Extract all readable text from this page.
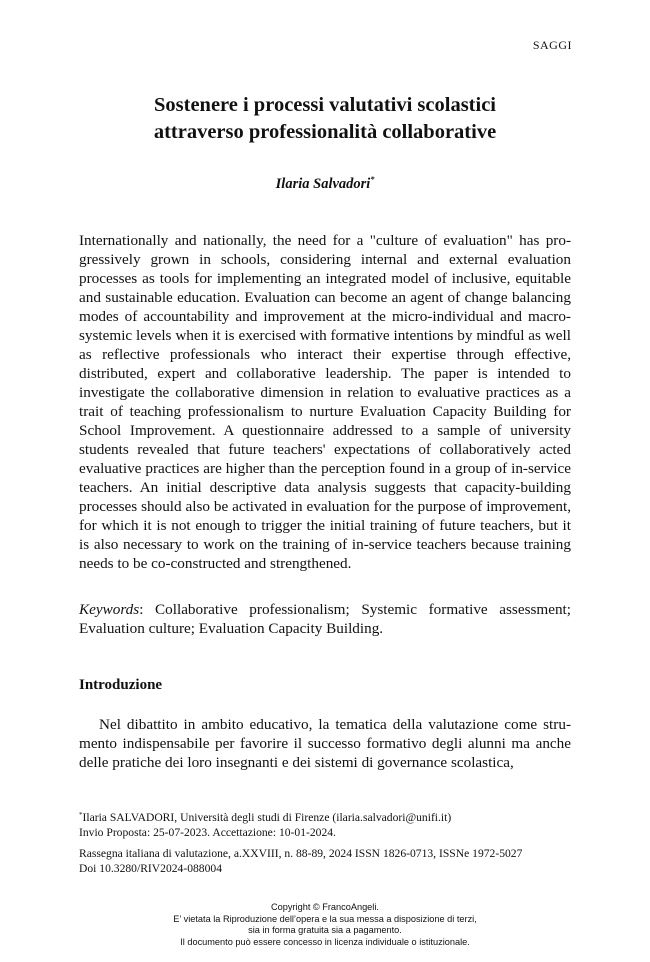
SAGGI
Sostenere i processi valutativi scolastici
attraverso professionalità collaborative
Ilaria Salvadori*

Internationally and nationally, the need for a "culture of evaluation" has progressively grown in schools, considering internal and external evaluation processes as tools for implementing an integrated model of inclusive, equitable and sustainable education. Evaluation can become an agent of change balancing modes of accountability and improvement at the micro-individual and macro-systemic levels when it is exercised with formative intentions by mindful as well as reflective professionals who interact their expertise through effective, distributed, expert and collaborative leadership. The paper is intended to investigate the collaborative dimension in relation to evaluative practices as a trait of teaching professionalism to nurture Evaluation Capacity Building for School Improvement. A questionnaire addressed to a sample of university students revealed that future teachers' expectations of collaboratively acted evaluative practices are higher than the perception found in a group of in-service teachers. An initial descriptive data analysis suggests that capacity-building processes should also be activated in evaluation for the purpose of improvement, for which it is not enough to trigger the initial training of future teachers, but it is also necessary to work on the training of in-service teachers because training needs to be co-constructed and strengthened.

Keywords: Collaborative professionalism; Systemic formative assessment; Evaluation culture; Evaluation Capacity Building.

Introduzione

Nel dibattito in ambito educativo, la tematica della valutazione come strumento indispensabile per favorire il successo formativo degli alunni ma anche delle pratiche dei loro insegnanti e dei sistemi di governance scolastica,

*Ilaria SALVADORI, Università degli studi di Firenze (ilaria.salvadori@unifi.it)

Invio Proposta: 25-07-2023. Accettazione: 10-01-2024.

Rassegna italiana di valutazione, a.XXVIII, n. 88-89, 2024 ISSN 1826-0713, ISSNe 1972-5027

Doi 10.3280/RIV2024-088004

Copyright © FrancoAngeli.
E’ vietata la Riproduzione dell’opera e la sua messa a disposizione di terzi,
sia in forma gratuita sia a pagamento.
Il documento può essere concesso in licenza individuale o istituzionale.
